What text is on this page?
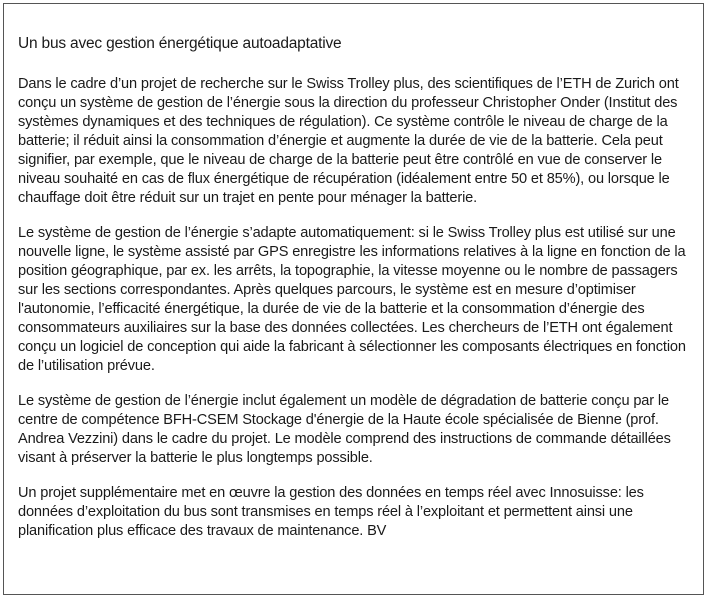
Un bus avec gestion énergétique autoadaptative

Dans le cadre d’un projet de recherche sur le Swiss Trolley plus, des scientifiques de l’ETH de Zurich ont conçu un système de gestion de l’énergie sous la direction du professeur Christopher Onder (Institut des systèmes dynamiques et des techniques de régulation). Ce système contrôle le niveau de charge de la batterie; il réduit ainsi la consommation d’énergie et augmente la durée de vie de la batterie. Cela peut signifier, par exemple, que le niveau de charge de la batterie peut être contrôlé en vue de conserver le niveau souhaité en cas de flux énergétique de récupération (idéalement entre 50 et 85%), ou lorsque le chauffage doit être réduit sur un trajet en pente pour ménager la batterie.

Le système de gestion de l’énergie s’adapte automatiquement: si le Swiss Trolley plus est utilisé sur une nouvelle ligne, le système assisté par GPS enregistre les informations relatives à la ligne en fonction de la position géographique, par ex. les arrêts, la topographie, la vitesse moyenne ou le nombre de passagers sur les sections correspondantes. Après quelques parcours, le système est en mesure d’optimiser l'autonomie, l’efficacité énergétique, la durée de vie de la batterie et la consommation d’énergie des consommateurs auxiliaires sur la base des données collectées. Les chercheurs de l’ETH ont également conçu un logiciel de conception qui aide la fabricant à sélectionner les composants électriques en fonction de l’utilisation prévue.

Le système de gestion de l’énergie inclut également un modèle de dégradation de batterie conçu par le centre de compétence BFH-CSEM Stockage d'énergie de la Haute école spécialisée de Bienne (prof. Andrea Vezzini) dans le cadre du projet. Le modèle comprend des instructions de commande détaillées visant à préserver la batterie le plus longtemps possible.

Un projet supplémentaire met en œuvre la gestion des données en temps réel avec Innosuisse: les données d’exploitation du bus sont transmises en temps réel à l’exploitant et permettent ainsi une planification plus efficace des travaux de maintenance. BV
